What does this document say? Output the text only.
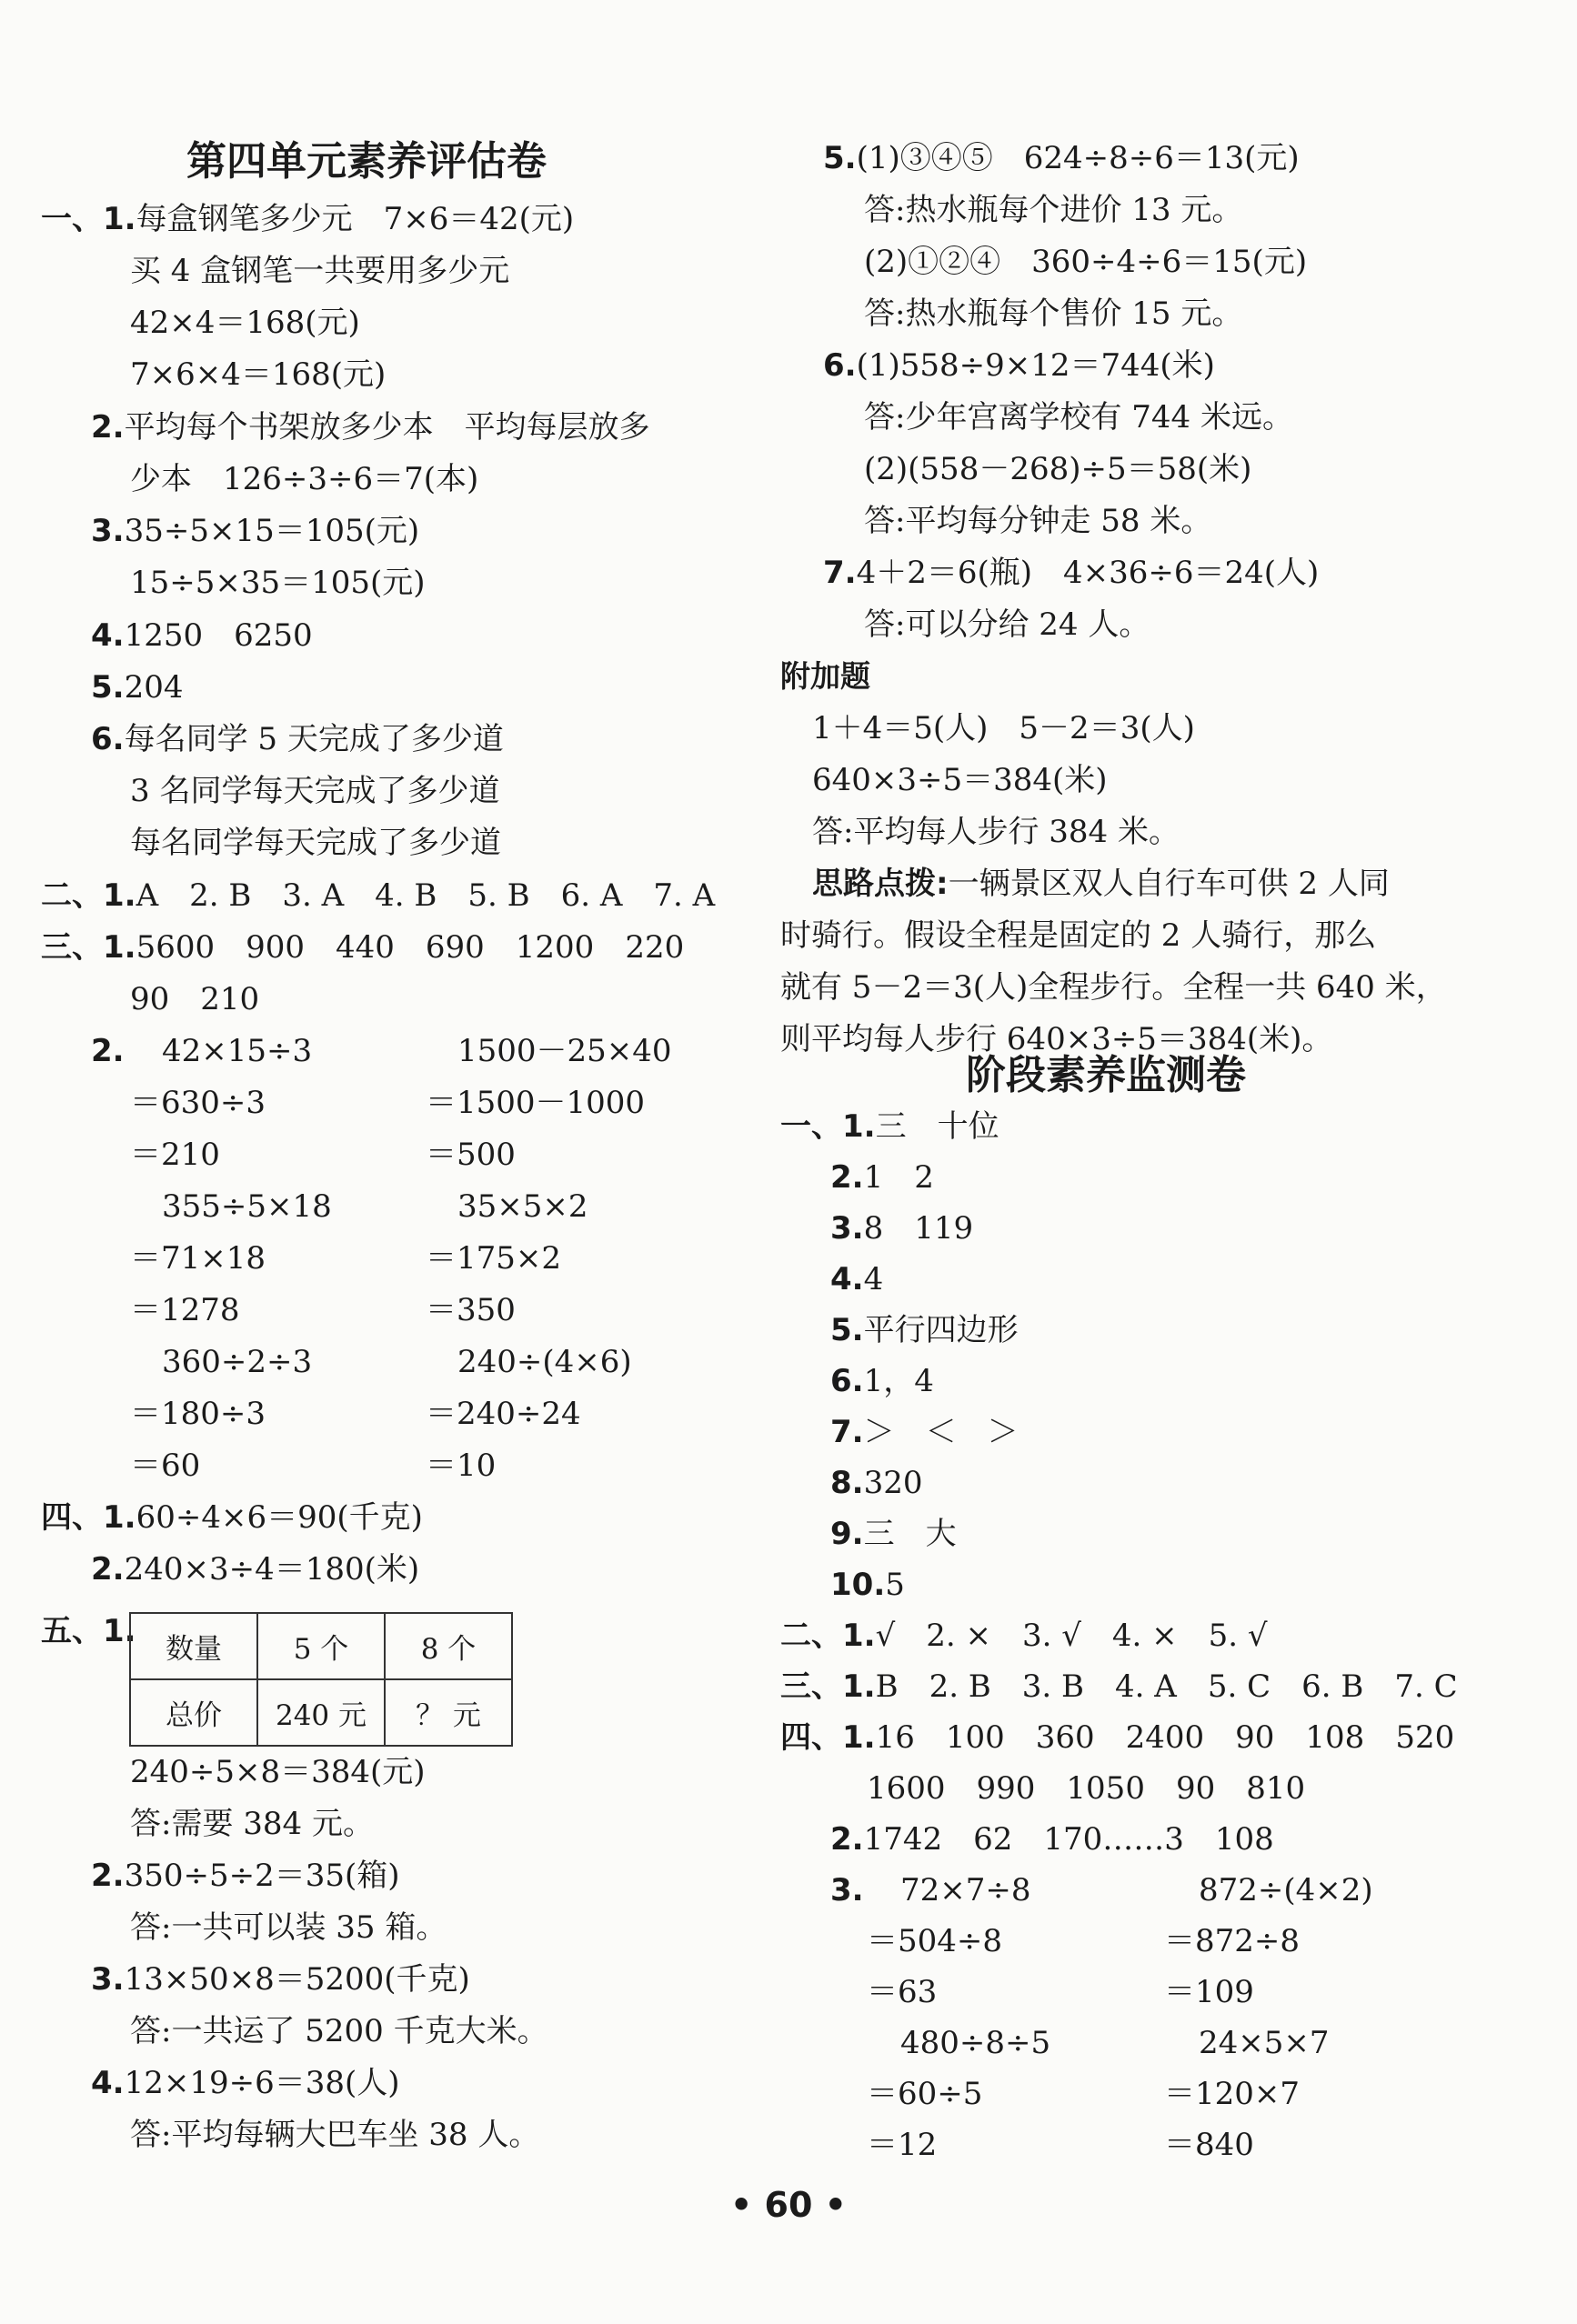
第四单元素养评估卷
一、1.每盒钢笔多少元　7×6＝42(元)
买 4 盒钢笔一共要用多少元
42×4＝168(元)
7×6×4＝168(元)
2.平均每个书架放多少本　平均每层放多
少本　126÷3÷6＝7(本)
3.35÷5×15＝105(元)
15÷5×35＝105(元)
4.1250　6250
5.204
6.每名同学 5 天完成了多少道
3 名同学每天完成了多少道
每名同学每天完成了多少道
二、1.A　2. B　3. A　4. B　5. B　6. A　7. A
三、1.5600　900　440　690　1200　220
90　210
2. 42×15÷3
＝630÷3
＝210
355÷5×18
＝71×18
＝1278
360÷2÷3
＝180÷3
＝60
1500－25×40
＝1500－1000
＝500
35×5×2
＝175×2
＝350
240÷(4×6)
＝240÷24
＝10
四、1.60÷4×6＝90(千克)
2.240×3÷4＝180(米)
五、1. 数量	5 个	8 个
总价	240 元	？ 元
240÷5×8＝384(元)
答:需要 384 元。
2.350÷5÷2＝35(箱)
答:一共可以装 35 箱。
3.13×50×8＝5200(千克)
答:一共运了 5200 千克大米。
4.12×19÷6＝38(人)
答:平均每辆大巴车坐 38 人。
5.(1)③④⑤　624÷8÷6＝13(元)
答:热水瓶每个进价 13 元。
(2)①②④　360÷4÷6＝15(元)
答:热水瓶每个售价 15 元。
6.(1)558÷9×12＝744(米)
答:少年宫离学校有 744 米远。
(2)(558－268)÷5＝58(米)
答:平均每分钟走 58 米。
7.4＋2＝6(瓶)　4×36÷6＝24(人)
答:可以分给 24 人。
附加题
1＋4＝5(人)　5－2＝3(人)
640×3÷5＝384(米)
答:平均每人步行 384 米。
思路点拨:一辆景区双人自行车可供 2 人同
时骑行。假设全程是固定的 2 人骑行，那么
就有 5－2＝3(人)全程步行。全程一共 640 米，
则平均每人步行 640×3÷5＝384(米)。
阶段素养监测卷
一、1.三　十位
2.1　2
3.8　119
4.4
5.平行四边形
6.1，4
7.＞　＜　＞
8.320
9.三　大
10.5
二、1.√　2. ×　3. √　4. ×　5. √
三、1.B　2. B　3. B　4. A　5. C　6. B　7. C
四、1.16　100　360　2400　90　108　520
1600　990　1050　90　810
2.1742　62　170……3　108
3. 72×7÷8
＝504÷8
＝63
480÷8÷5
＝60÷5
＝12
872÷(4×2)
＝872÷8
＝109
24×5×7
＝120×7
＝840
• 60 •
